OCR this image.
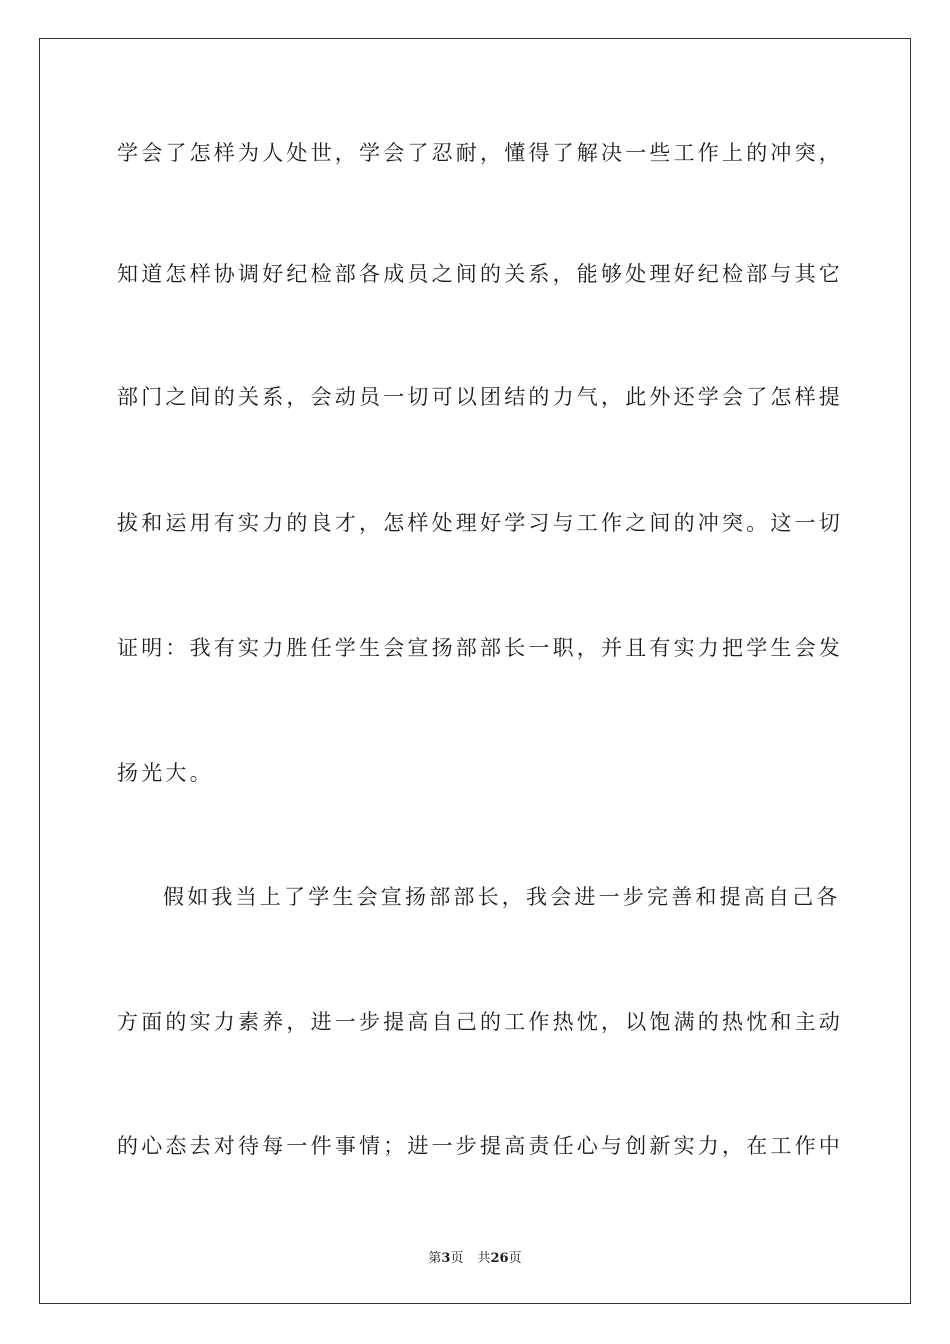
学会了怎样为人处世，学会了忍耐，懂得了解决一些工作上的冲突，
知道怎样协调好纪检部各成员之间的关系，能够处理好纪检部与其它
部门之间的关系，会动员一切可以团结的力气，此外还学会了怎样提
拔和运用有实力的良才，怎样处理好学习与工作之间的冲突。这一切
证明：我有实力胜任学生会宣扬部部长一职，并且有实力把学生会发
扬光大。
假如我当上了学生会宣扬部部长，我会进一步完善和提高自己各
方面的实力素养，进一步提高自己的工作热忱，以饱满的热忱和主动
的心态去对待每一件事情；进一步提高责任心与创新实力，在工作中
第3页 共26页
